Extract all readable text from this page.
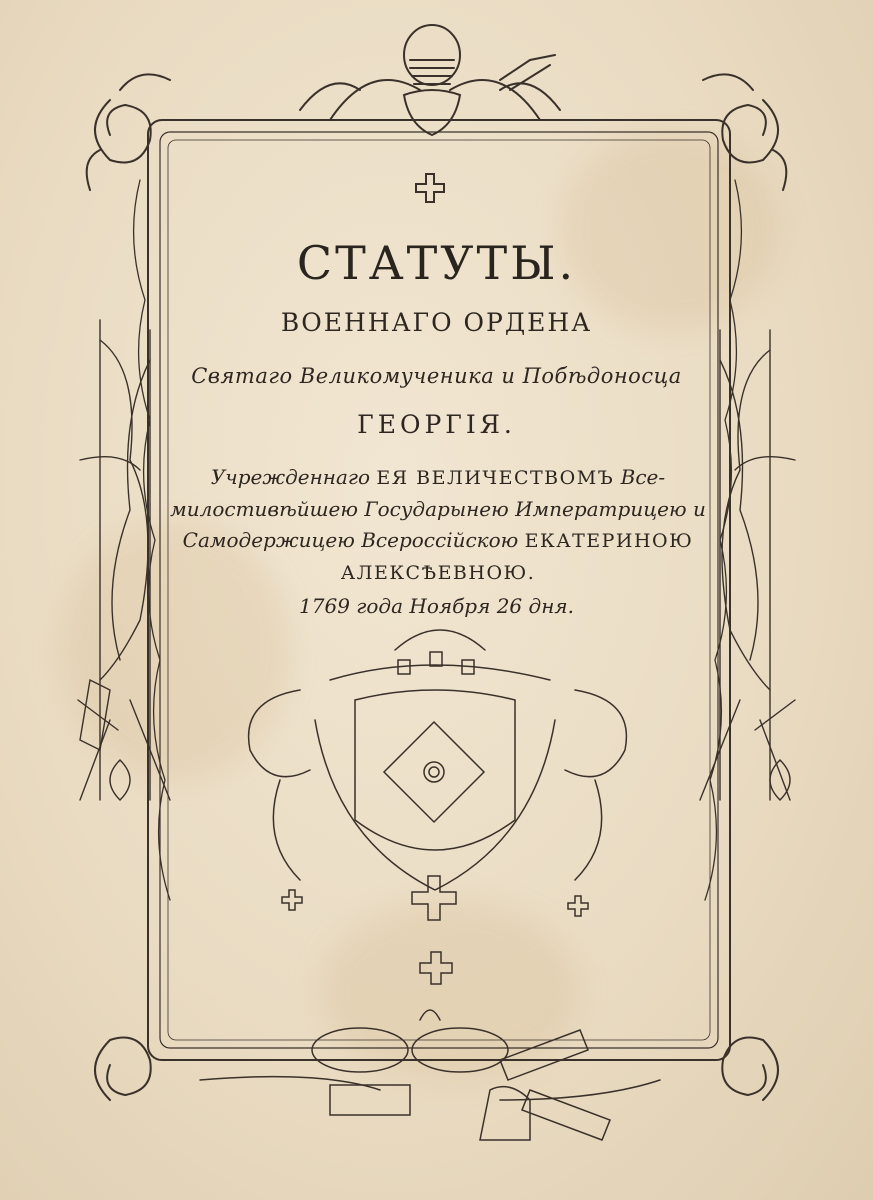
СТАТУТЫ.
ВОЕННАГО ОРДЕНА
Святаго Великомученика и Побѣдоносца
ГЕОРГІЯ.
Учрежденнаго ЕЯ ВЕЛИЧЕСТВОМЪ Все-милостивѣйшею Государынею Императрицею и Самодержицею Всероссійскою ЕКАТЕРИНОЮ АЛЕКСѢЕВНОЮ.
1769 года Ноября 26 дня.
